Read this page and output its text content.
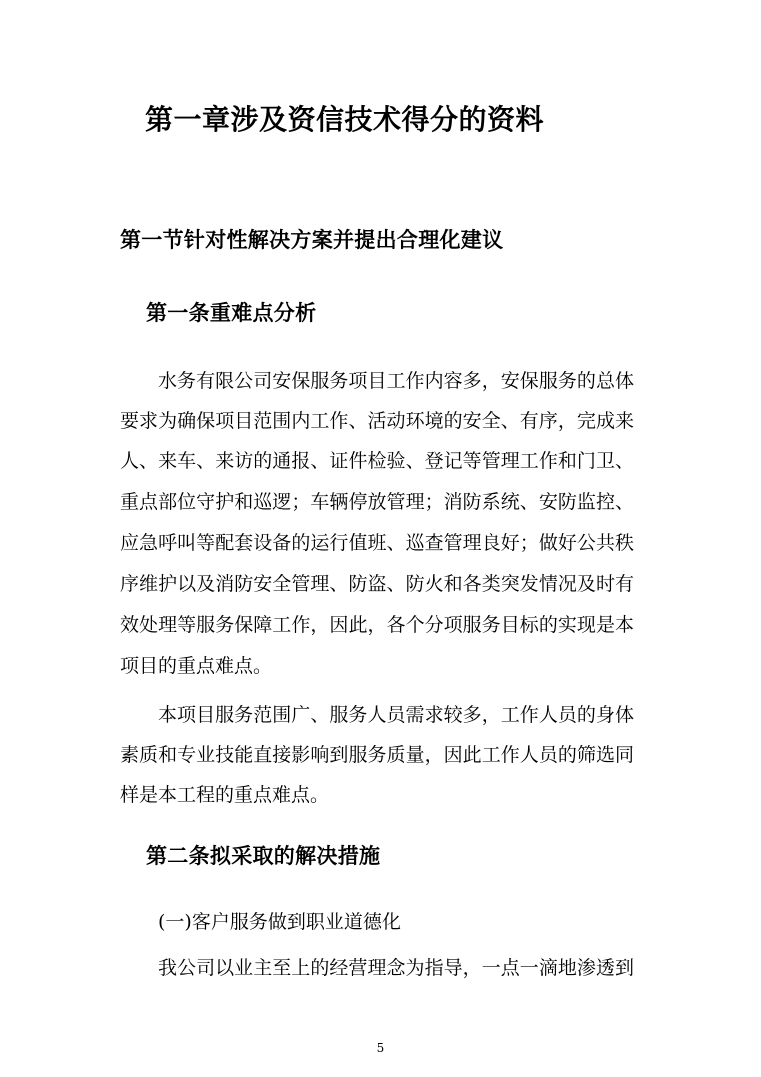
第一章涉及资信技术得分的资料
第一节针对性解决方案并提出合理化建议
第一条重难点分析
水务有限公司安保服务项目工作内容多，安保服务的总体
要求为确保项目范围内工作、活动环境的安全、有序，完成来
人、来车、来访的通报、证件检验、登记等管理工作和门卫、
重点部位守护和巡逻；车辆停放管理；消防系统、安防监控、
应急呼叫等配套设备的运行值班、巡查管理良好；做好公共秩
序维护以及消防安全管理、防盗、防火和各类突发情况及时有
效处理等服务保障工作，因此，各个分项服务目标的实现是本
项目的重点难点。
本项目服务范围广、服务人员需求较多，工作人员的身体
素质和专业技能直接影响到服务质量，因此工作人员的筛选同
样是本工程的重点难点。
第二条拟采取的解决措施
(一)客户服务做到职业道德化
我公司以业主至上的经营理念为指导，一点一滴地渗透到
5
